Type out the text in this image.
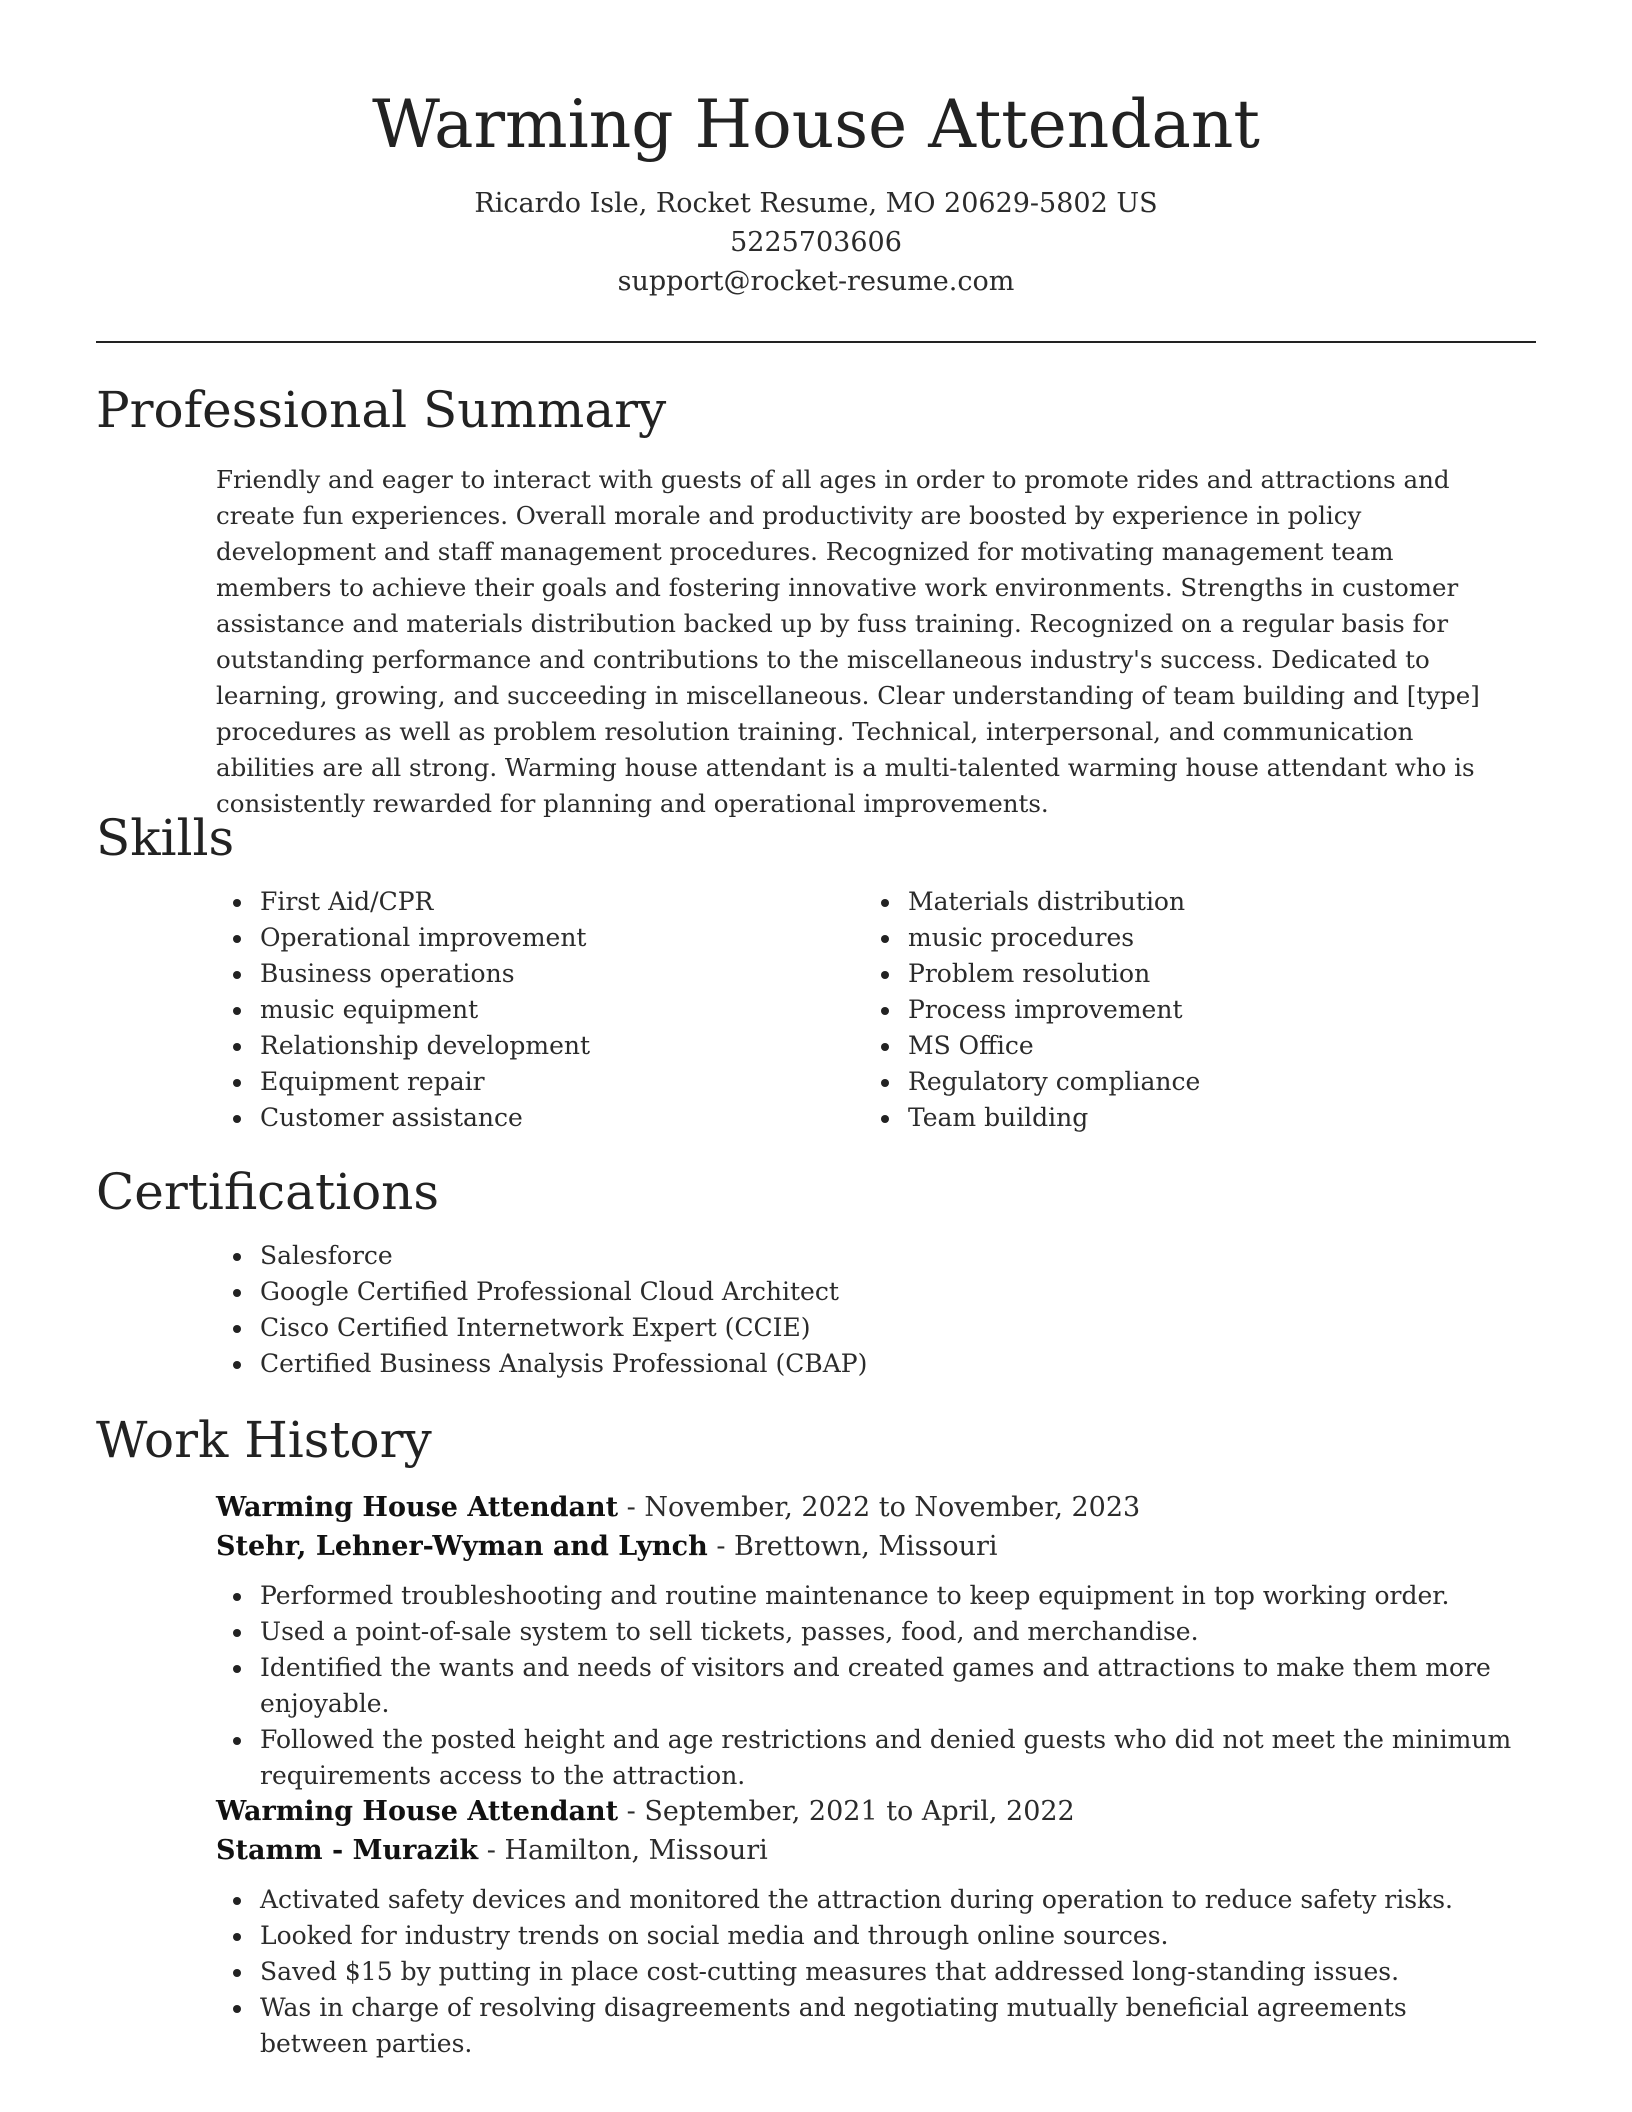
Warming House Attendant
Ricardo Isle, Rocket Resume, MO 20629-5802 US
5225703606
support@rocket-resume.com
Professional Summary

Friendly and eager to interact with guests of all ages in order to promote rides and attractions and create fun experiences. Overall morale and productivity are boosted by experience in policy development and staff management procedures. Recognized for motivating management team members to achieve their goals and fostering innovative work environments. Strengths in customer assistance and materials distribution backed up by fuss training. Recognized on a regular basis for outstanding performance and contributions to the miscellaneous industry's success. Dedicated to learning, growing, and succeeding in miscellaneous. Clear understanding of team building and [type] procedures as well as problem resolution training. Technical, interpersonal, and communication abilities are all strong. Warming house attendant is a multi-talented warming house attendant who is consistently rewarded for planning and operational improvements.

Skills
First Aid/CPR
Operational improvement
Business operations
music equipment
Relationship development
Equipment repair
Customer assistance
Materials distribution
music procedures
Problem resolution
Process improvement
MS Office
Regulatory compliance
Team building
Certifications
Salesforce
Google Certified Professional Cloud Architect
Cisco Certified Internetwork Expert (CCIE)
Certified Business Analysis Professional (CBAP)
Work History
Warming House Attendant - November, 2022 to November, 2023
Stehr, Lehner-Wyman and Lynch - Brettown, Missouri
Performed troubleshooting and routine maintenance to keep equipment in top working order.
Used a point-of-sale system to sell tickets, passes, food, and merchandise.
Identified the wants and needs of visitors and created games and attractions to make them more enjoyable.
Followed the posted height and age restrictions and denied guests who did not meet the minimum requirements access to the attraction.
Warming House Attendant - September, 2021 to April, 2022
Stamm - Murazik - Hamilton, Missouri
Activated safety devices and monitored the attraction during operation to reduce safety risks.
Looked for industry trends on social media and through online sources.
Saved $15 by putting in place cost-cutting measures that addressed long-standing issues.
Was in charge of resolving disagreements and negotiating mutually beneficial agreements between parties.
